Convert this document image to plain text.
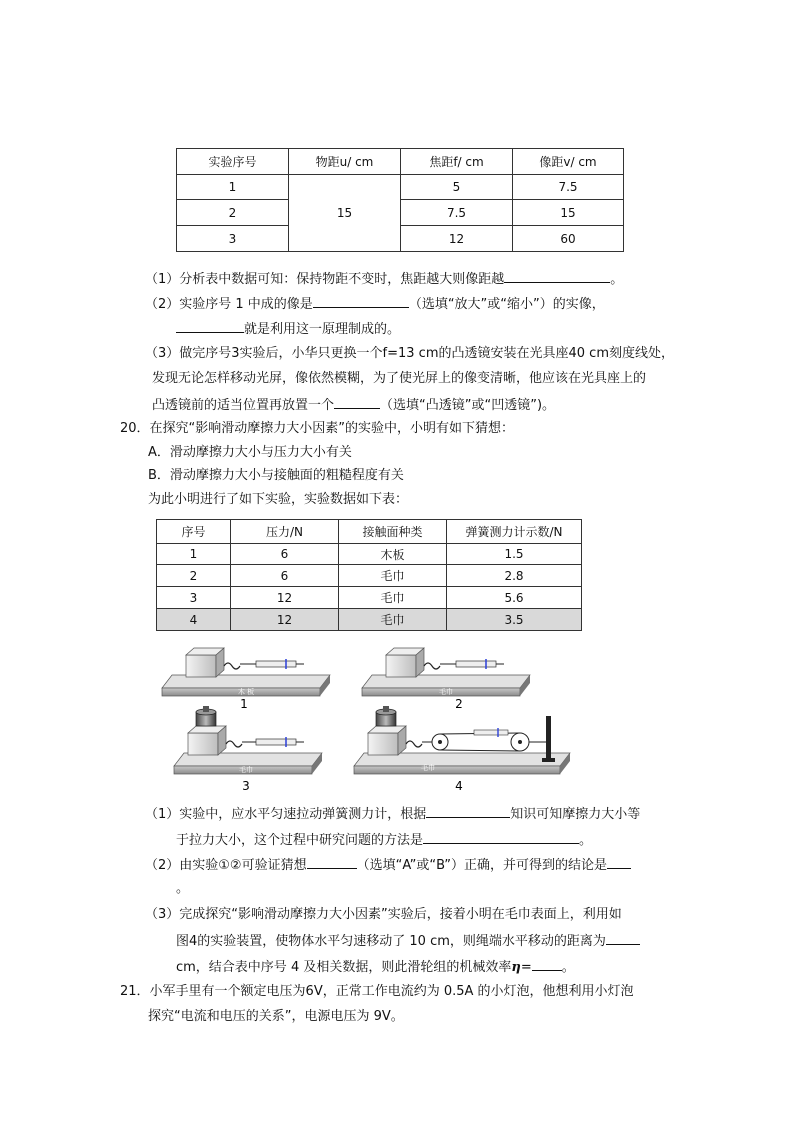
实验序号	物距u/ cm	焦距f/ cm	像距v/ cm
1	15	5	7.5
2		7.5	15
3		12	60
（1）分析表中数据可知：保持物距不变时，焦距越大则像距越	。
（2）实验序号 1 中成的像是	（选填“放大”或“缩小”）的实像，
就是利用这一原理制成的。
（3）做完序号3实验后，小华只更换一个f=13 cm的凸透镜安装在光具座40 cm刻度线处，
发现无论怎样移动光屏，像依然模糊，为了使光屏上的像变清晰，他应该在光具座上的
凸透镜前的适当位置再放置一个	（选填“凸透镜”或“凹透镜”)。
20．在探究“影响滑动摩擦力大小因素”的实验中，小明有如下猜想：
A．滑动摩擦力大小与压力大小有关
B．滑动摩擦力大小与接触面的粗糙程度有关
为此小明进行了如下实验，实验数据如下表：
序号	压力/N	接触面种类	弹簧测力计示数/N
1	6	木板	1.5
2	6	毛巾	2.8
3	12	毛巾	5.6
4	12	毛巾	3.5
木 板
1
毛巾
2
毛巾
3
毛巾
4
（1）实验中，应水平匀速拉动弹簧测力计，根据	知识可知摩擦力大小等
于拉力大小，这个过程中研究问题的方法是	。
（2）由实验①②可验证猜想	（选填“A”或“B”）正确，并可得到的结论是
。
（3）完成探究“影响滑动摩擦力大小因素”实验后，接着小明在毛巾表面上，利用如
图4的实验装置，使物体水平匀速移动了 10 cm，则绳端水平移动的距离为
cm，结合表中序号 4 及相关数据，则此滑轮组的机械效率η= 。
21．小军手里有一个额定电压为6V，正常工作电流约为 0.5A 的小灯泡，他想利用小灯泡
探究“电流和电压的关系”，电源电压为 9V。
